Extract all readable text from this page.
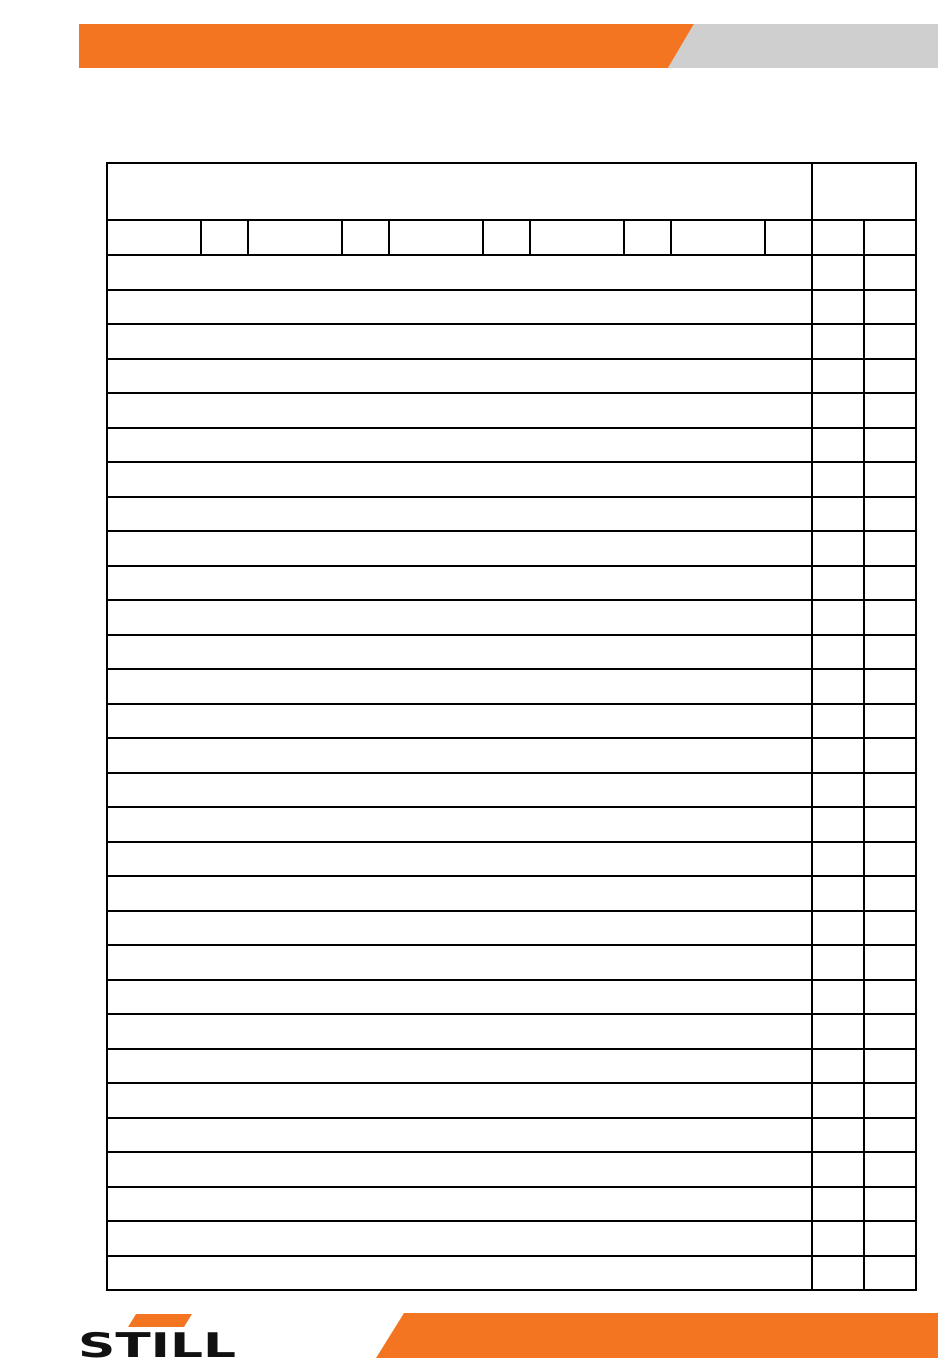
STILL
